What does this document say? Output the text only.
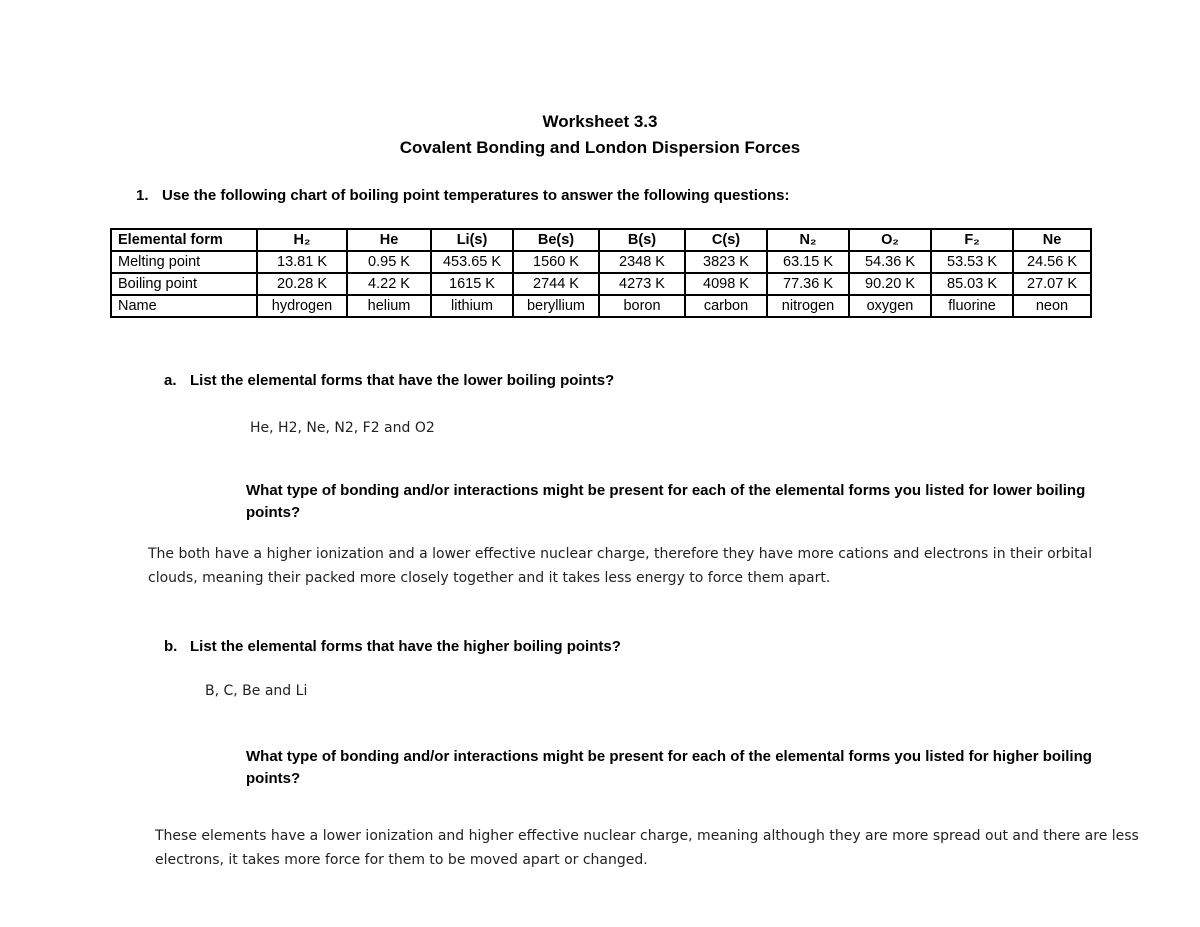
Worksheet 3.3
Covalent Bonding and London Dispersion Forces
1. Use the following chart of boiling point temperatures to answer the following questions:
Elemental form	H₂	He	Li(s)	Be(s)	B(s)	C(s)	N₂	O₂	F₂	Ne
Melting point	13.81 K	0.95 K	453.65 K	1560 K	2348 K	3823 K	63.15 K	54.36 K	53.53 K	24.56 K
Boiling point	20.28 K	4.22 K	1615 K	2744 K	4273 K	4098 K	77.36 K	90.20 K	85.03 K	27.07 K
Name	hydrogen	helium	lithium	beryllium	boron	carbon	nitrogen	oxygen	fluorine	neon
a. List the elemental forms that have the lower boiling points?
He, H2, Ne, N2, F2 and O2
What type of bonding and/or interactions might be present for each of the elemental forms you listed for lower boiling points?
The both have a higher ionization and a lower effective nuclear charge, therefore they have more cations and electrons in their orbital clouds, meaning their packed more closely together and it takes less energy to force them apart.
b. List the elemental forms that have the higher boiling points?
B, C, Be and Li
What type of bonding and/or interactions might be present for each of the elemental forms you listed for higher boiling points?
These elements have a lower ionization and higher effective nuclear charge, meaning although they are more spread out and there are less electrons, it takes more force for them to be moved apart or changed.
